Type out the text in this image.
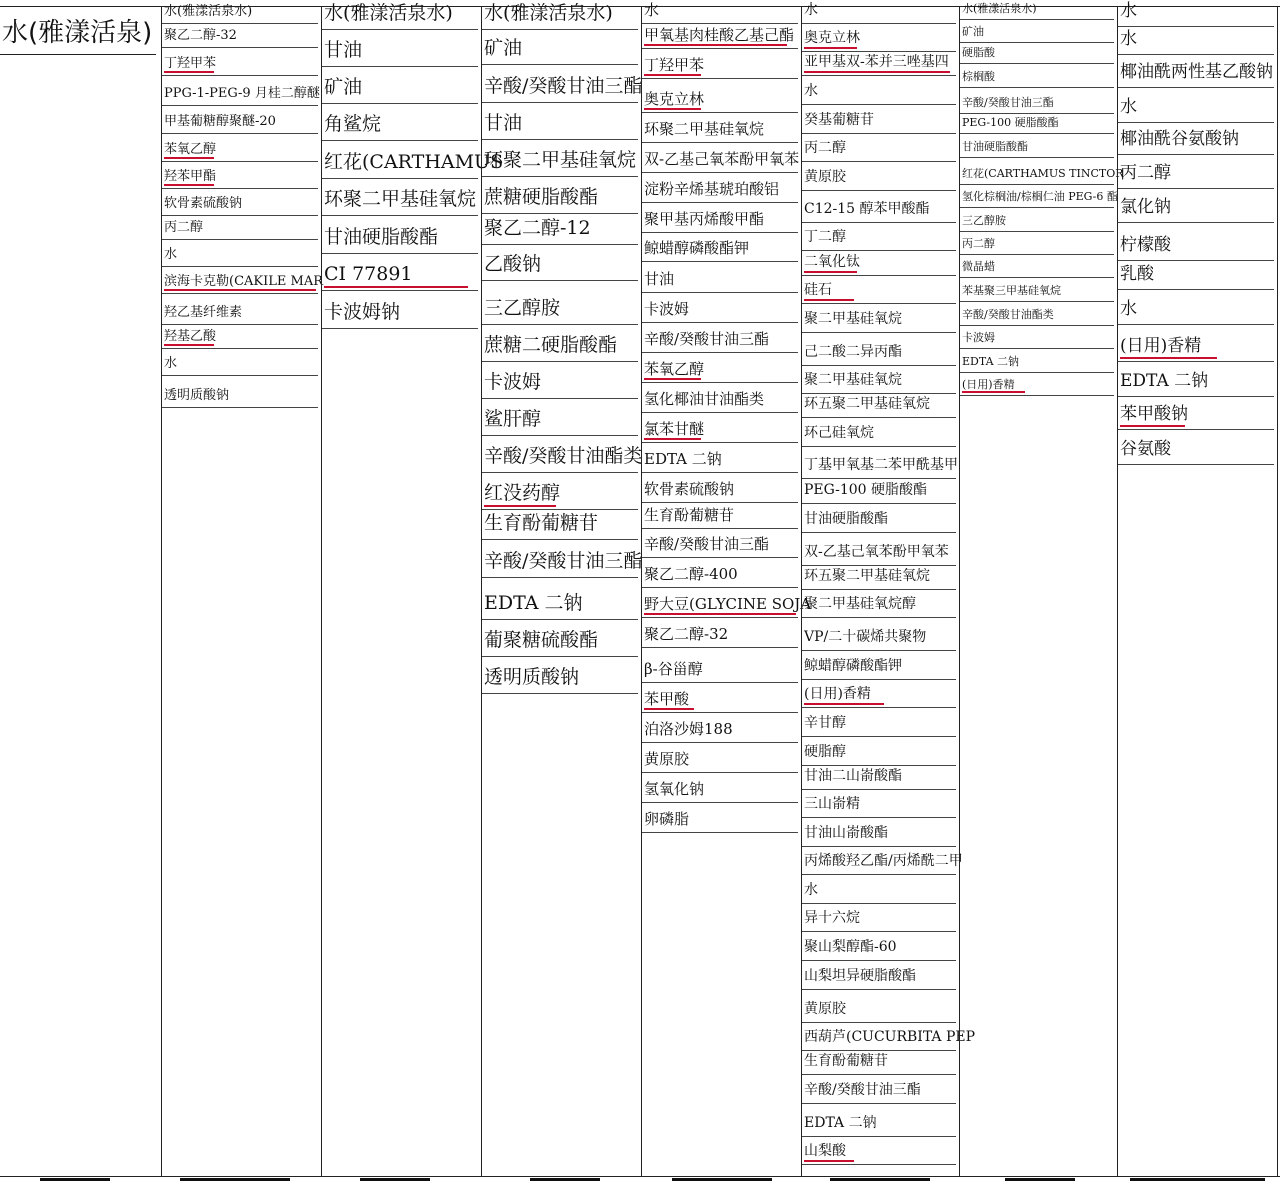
水(雅漾活泉)
水(雅漾活泉水)
聚乙二醇-32
丁羟甲苯
PPG-1-PEG-9 月桂二醇醚
甲基葡糖醇聚醚-20
苯氧乙醇
羟苯甲酯
软骨素硫酸钠
丙二醇
水
滨海卡克勒(CAKILE MAR
羟乙基纤维素
羟基乙酸
水
透明质酸钠
水(雅漾活泉水)
甘油
矿油
角鲨烷
红花(CARTHAMUS
环聚二甲基硅氧烷
甘油硬脂酸酯
CI 77891
卡波姆钠
水(雅漾活泉水)
矿油
辛酸/癸酸甘油三酯
甘油
环聚二甲基硅氧烷
蔗糖硬脂酸酯
聚乙二醇-12
乙酸钠
三乙醇胺
蔗糖二硬脂酸酯
卡波姆
鲨肝醇
辛酸/癸酸甘油酯类
红没药醇
生育酚葡糖苷
辛酸/癸酸甘油三酯
EDTA 二钠
葡聚糖硫酸酯
透明质酸钠
水
甲氧基肉桂酸乙基己酯
丁羟甲苯
奥克立林
环聚二甲基硅氧烷
双-乙基己氧苯酚甲氧苯
淀粉辛烯基琥珀酸铝
聚甲基丙烯酸甲酯
鲸蜡醇磷酸酯钾
甘油
卡波姆
辛酸/癸酸甘油三酯
苯氧乙醇
氢化椰油甘油酯类
氯苯甘醚
EDTA 二钠
软骨素硫酸钠
生育酚葡糖苷
辛酸/癸酸甘油三酯
聚乙二醇-400
野大豆(GLYCINE SOJA
聚乙二醇-32
β-谷甾醇
苯甲酸
泊洛沙姆188
黄原胶
氢氧化钠
卵磷脂
水
奥克立林
亚甲基双-苯并三唑基四
水
癸基葡糖苷
丙二醇
黄原胶
C12-15 醇苯甲酸酯
丁二醇
二氧化钛
硅石
聚二甲基硅氧烷
己二酸二异丙酯
聚二甲基硅氧烷
环五聚二甲基硅氧烷
环己硅氧烷
丁基甲氧基二苯甲酰基甲
PEG-100 硬脂酸酯
甘油硬脂酸酯
双-乙基己氧苯酚甲氧苯
环五聚二甲基硅氧烷
聚二甲基硅氧烷醇
VP/二十碳烯共聚物
鲸蜡醇磷酸酯钾
(日用)香精
辛甘醇
硬脂醇
甘油二山嵛酸酯
三山嵛精
甘油山嵛酸酯
丙烯酸羟乙酯/丙烯酰二甲
水
异十六烷
聚山梨醇酯-60
山梨坦异硬脂酸酯
黄原胶
西葫芦(CUCURBITA PEP
生育酚葡糖苷
辛酸/癸酸甘油三酯
EDTA 二钠
山梨酸
水(雅漾活泉水)
矿油
硬脂酸
棕榈酸
辛酸/癸酸甘油三酯
PEG-100 硬脂酸酯
甘油硬脂酸酯
红花(CARTHAMUS TINCTOR
氢化棕榈油/棕榈仁油 PEG-6 酯
三乙醇胺
丙二醇
微晶蜡
苯基聚三甲基硅氧烷
辛酸/癸酸甘油酯类
卡波姆
EDTA 二钠
(日用)香精
水
水
椰油酰两性基乙酸钠
水
椰油酰谷氨酸钠
丙二醇
氯化钠
柠檬酸
乳酸
水
(日用)香精
EDTA 二钠
苯甲酸钠
谷氨酸
